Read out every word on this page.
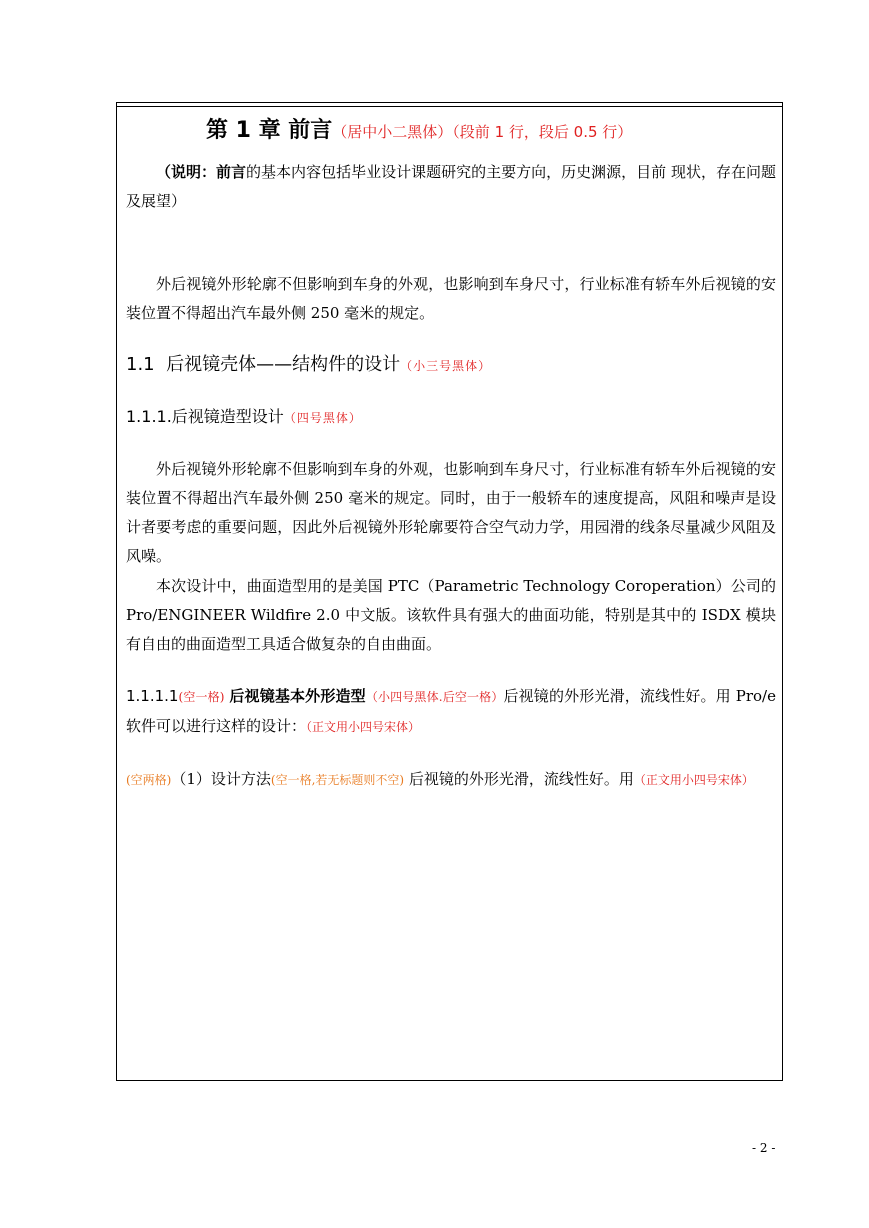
第 1 章 前言（居中小二黑体）（段前 1 行，段后 0.5 行）

（说明：前言的基本内容包括毕业设计课题研究的主要方向，历史渊源，目前 现状，存在问题及展望）

外后视镜外形轮廓不但影响到车身的外观，也影响到车身尺寸，行业标准有轿车外后视镜的安装位置不得超出汽车最外侧 250 毫米的规定。

1.1 后视镜壳体——结构件的设计（小三号黑体）
1.1.1.后视镜造型设计（四号黑体）

外后视镜外形轮廓不但影响到车身的外观，也影响到车身尺寸，行业标准有轿车外后视镜的安装位置不得超出汽车最外侧 250 毫米的规定。同时，由于一般轿车的速度提高，风阻和噪声是设计者要考虑的重要问题，因此外后视镜外形轮廓要符合空气动力学，用园滑的线条尽量减少风阻及风噪。

本次设计中，曲面造型用的是美国 PTC（Parametric Technology Coroperation）公司的 Pro/ENGINEER Wildfire 2.0 中文版。该软件具有强大的曲面功能，特别是其中的 ISDX 模块有自由的曲面造型工具适合做复杂的自由曲面。

1.1.1.1(空一格) 后视镜基本外形造型（小四号黑体.后空一格）后视镜的外形光滑，流线性好。用 Pro/e 软件可以进行这样的设计：（正文用小四号宋体）

(空两格)（1）设计方法(空一格,若无标题则不空) 后视镜的外形光滑，流线性好。用（正文用小四号宋体）

- 2 -
